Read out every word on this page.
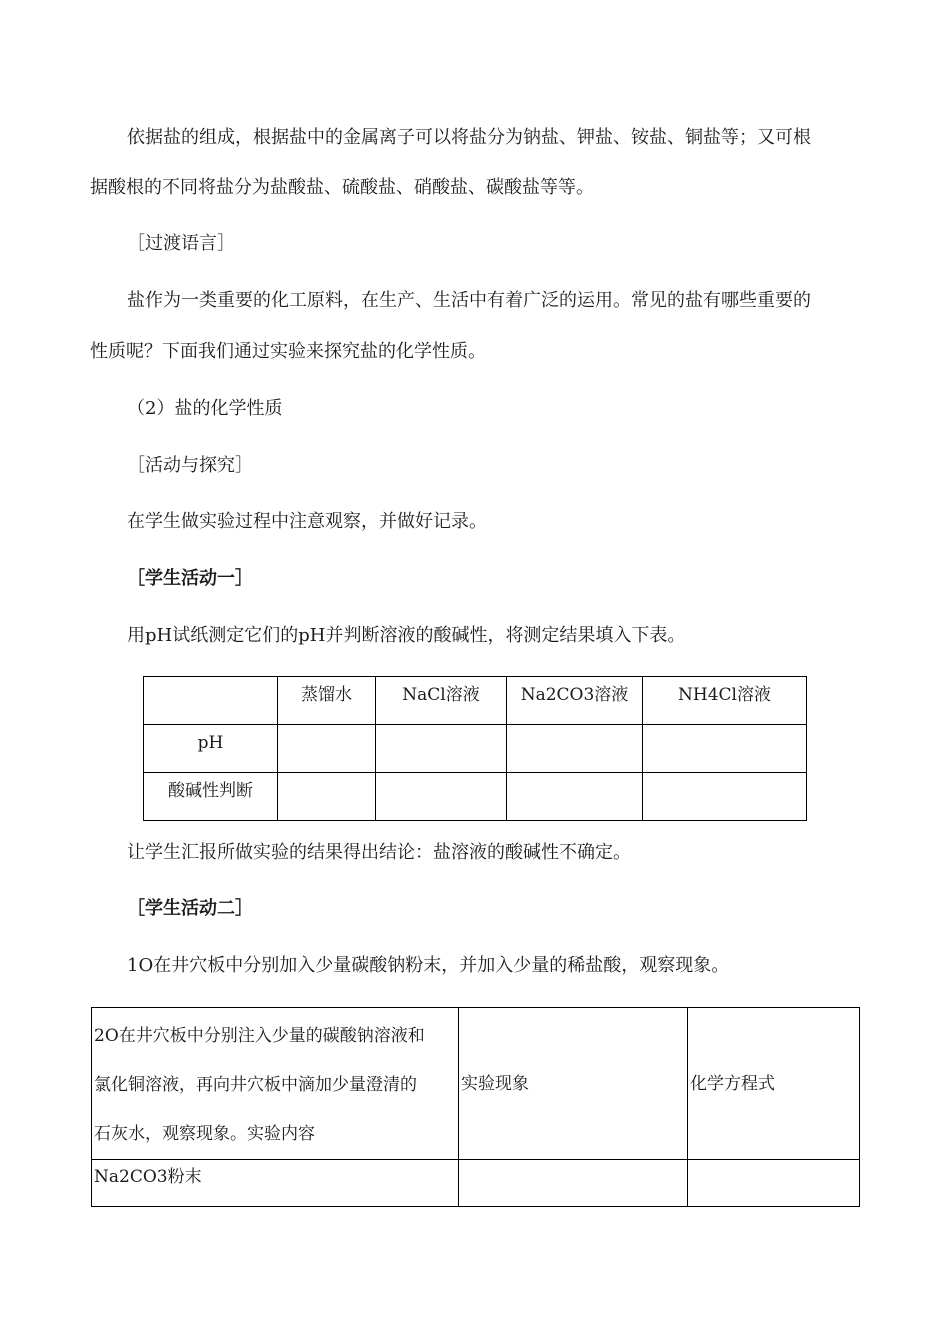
依据盐的组成，根据盐中的金属离子可以将盐分为钠盐、钾盐、铵盐、铜盐等；又可根
据酸根的不同将盐分为盐酸盐、硫酸盐、硝酸盐、碳酸盐等等。
［过渡语言］
盐作为一类重要的化工原料，在生产、生活中有着广泛的运用。常见的盐有哪些重要的
性质呢？下面我们通过实验来探究盐的化学性质。
（2）盐的化学性质
［活动与探究］
在学生做实验过程中注意观察，并做好记录。
［学生活动一］
用pH试纸测定它们的pH并判断溶液的酸碱性，将测定结果填入下表。
	蒸馏水	NaCl溶液	Na2CO3溶液	NH4Cl溶液
pH				
酸碱性判断				
让学生汇报所做实验的结果得出结论：盐溶液的酸碱性不确定。
［学生活动二］
1O在井穴板中分别加入少量碳酸钠粉末，并加入少量的稀盐酸，观察现象。
2O在井穴板中分别注入少量的碳酸钠溶液和
氯化铜溶液，再向井穴板中滴加少量澄清的
石灰水，观察现象。实验内容	实验现象	化学方程式
Na2CO3粉末		
